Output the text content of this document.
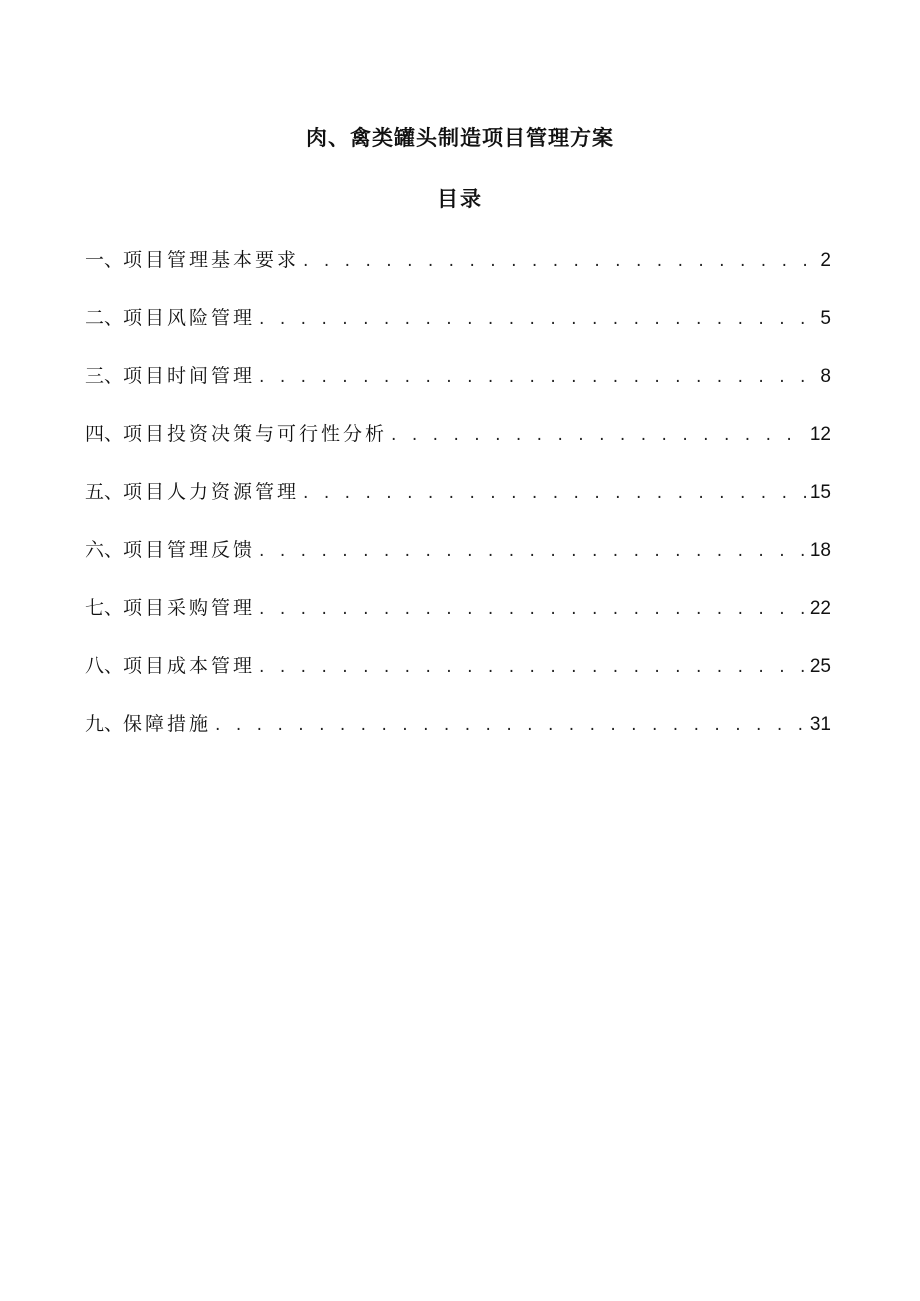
肉、禽类罐头制造项目管理方案
目录
一、 项目管理基本要求 . . .	2
二、 项目风险管理 . . .	5
三、 项目时间管理 . . .	8
四、 项目投资决策与可行性分析 . . .	12
五、 项目人力资源管理 . . .	15
六、 项目管理反馈 . . .	18
七、 项目采购管理 . . .	22
八、 项目成本管理 . . .	25
九、 保障措施 . . .	31
